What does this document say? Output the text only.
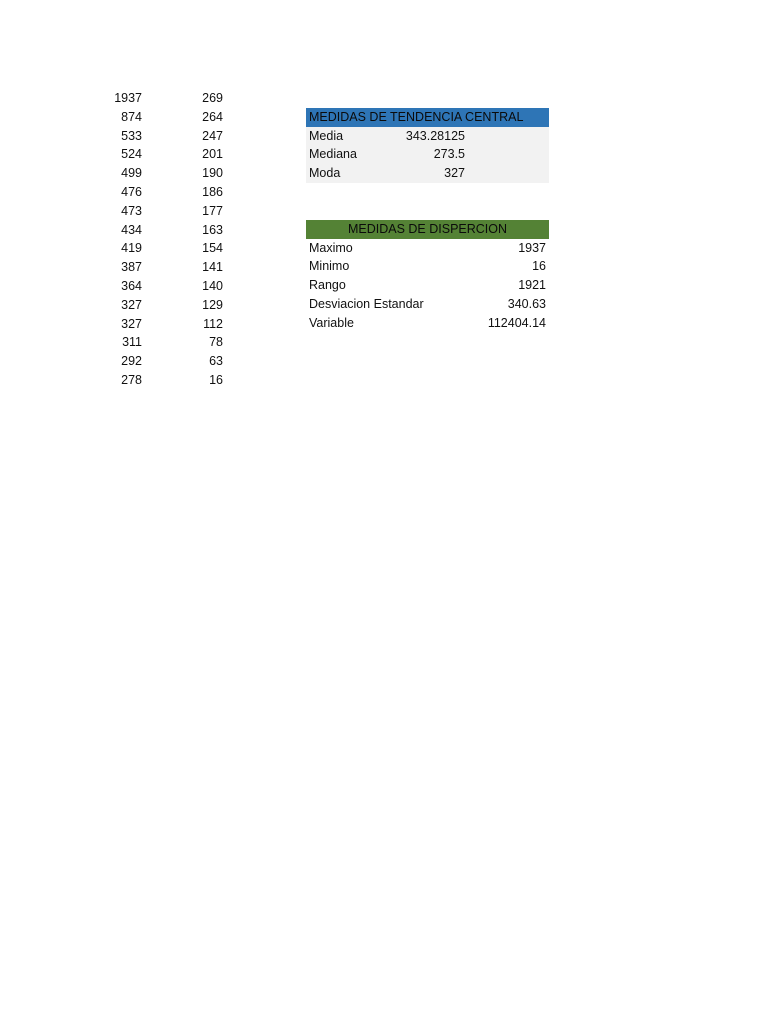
1937	269
874	264
533	247
524	201
499	190
476	186
473	177
434	163
419	154
387	141
364	140
327	129
327	112
311	78
292	63
278	16
MEDIDAS DE TENDENCIA CENTRAL
Media	343.28125
Mediana	273.5
Moda	327
MEDIDAS DE DISPERCION
Maximo	1937
Minimo	16
Rango	1921
Desviacion Estandar	340.63
Variable	112404.14
